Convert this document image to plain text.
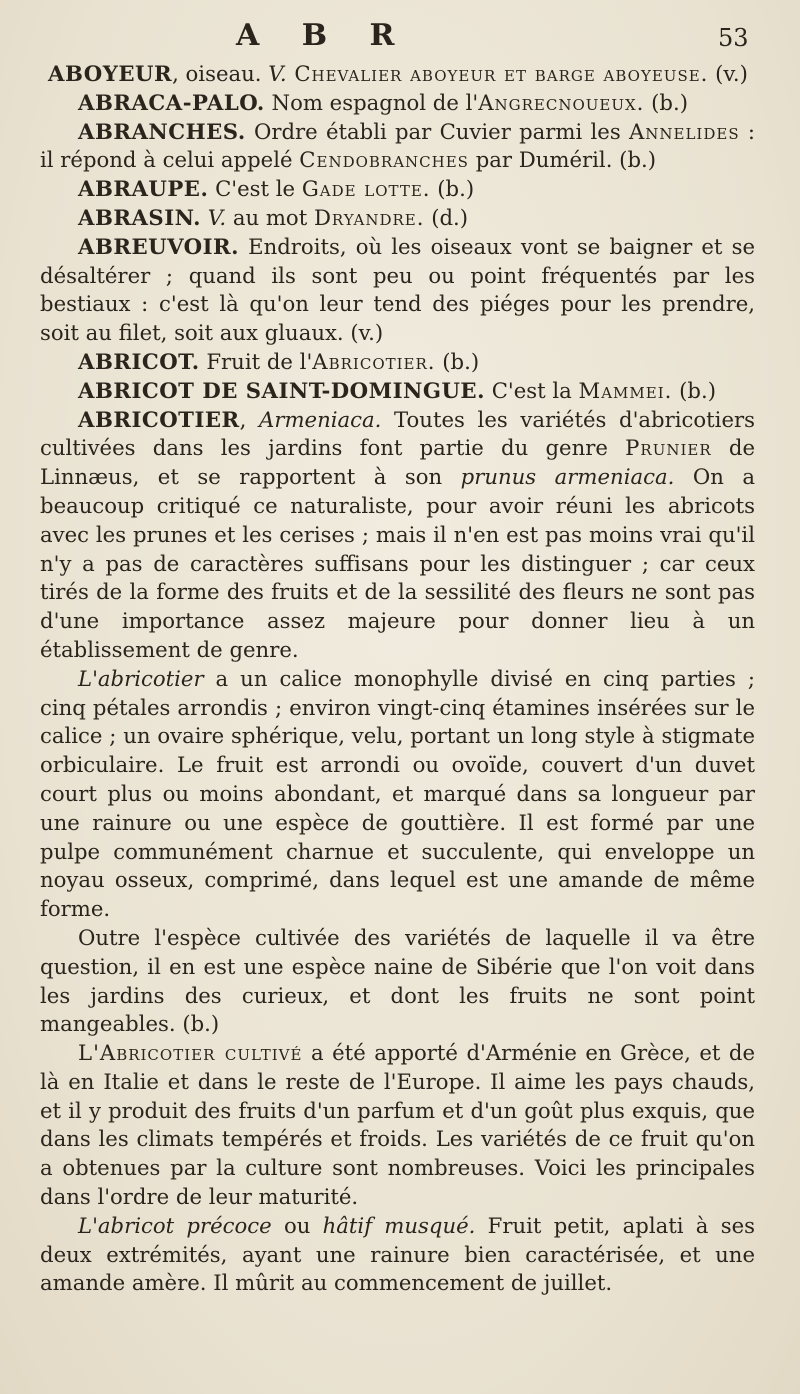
A B R	53

ABOYEUR, oiseau. V. Chevalier aboyeur et barge aboyeuse. (v.)

ABRACA-PALO. Nom espagnol de l'Angrecnoueux. (b.)

ABRANCHES. Ordre établi par Cuvier parmi les Annelides : il répond à celui appelé Cendobranches par Duméril. (b.)

ABRAUPE. C'est le Gade lotte. (b.)

ABRASIN. V. au mot Dryandre. (d.)

ABREUVOIR. Endroits, où les oiseaux vont se baigner et se désaltérer ; quand ils sont peu ou point fréquentés par les bestiaux : c'est là qu'on leur tend des piéges pour les prendre, soit au filet, soit aux gluaux. (v.)

ABRICOT. Fruit de l'Abricotier. (b.)

ABRICOT DE SAINT-DOMINGUE. C'est la Mammei. (b.)

ABRICOTIER, Armeniaca. Toutes les variétés d'abricotiers cultivées dans les jardins font partie du genre Prunier de Linnæus, et se rapportent à son prunus armeniaca. On a beaucoup critiqué ce naturaliste, pour avoir réuni les abricots avec les prunes et les cerises ; mais il n'en est pas moins vrai qu'il n'y a pas de caractères suffisans pour les distinguer ; car ceux tirés de la forme des fruits et de la sessilité des fleurs ne sont pas d'une importance assez majeure pour donner lieu à un établissement de genre.

L'abricotier a un calice monophylle divisé en cinq parties ; cinq pétales arrondis ; environ vingt-cinq étamines insérées sur le calice ; un ovaire sphérique, velu, portant un long style à stigmate orbiculaire. Le fruit est arrondi ou ovoïde, couvert d'un duvet court plus ou moins abondant, et marqué dans sa longueur par une rainure ou une espèce de gouttière. Il est formé par une pulpe communément charnue et succulente, qui enveloppe un noyau osseux, comprimé, dans lequel est une amande de même forme.

Outre l'espèce cultivée des variétés de laquelle il va être question, il en est une espèce naine de Sibérie que l'on voit dans les jardins des curieux, et dont les fruits ne sont point mangeables. (b.)

L'Abricotier cultivé a été apporté d'Arménie en Grèce, et de là en Italie et dans le reste de l'Europe. Il aime les pays chauds, et il y produit des fruits d'un parfum et d'un goût plus exquis, que dans les climats tempérés et froids. Les variétés de ce fruit qu'on a obtenues par la culture sont nombreuses. Voici les principales dans l'ordre de leur maturité.

L'abricot précoce ou hâtif musqué. Fruit petit, aplati à ses deux extrémités, ayant une rainure bien caractérisée, et une amande amère. Il mûrit au commencement de juillet.
